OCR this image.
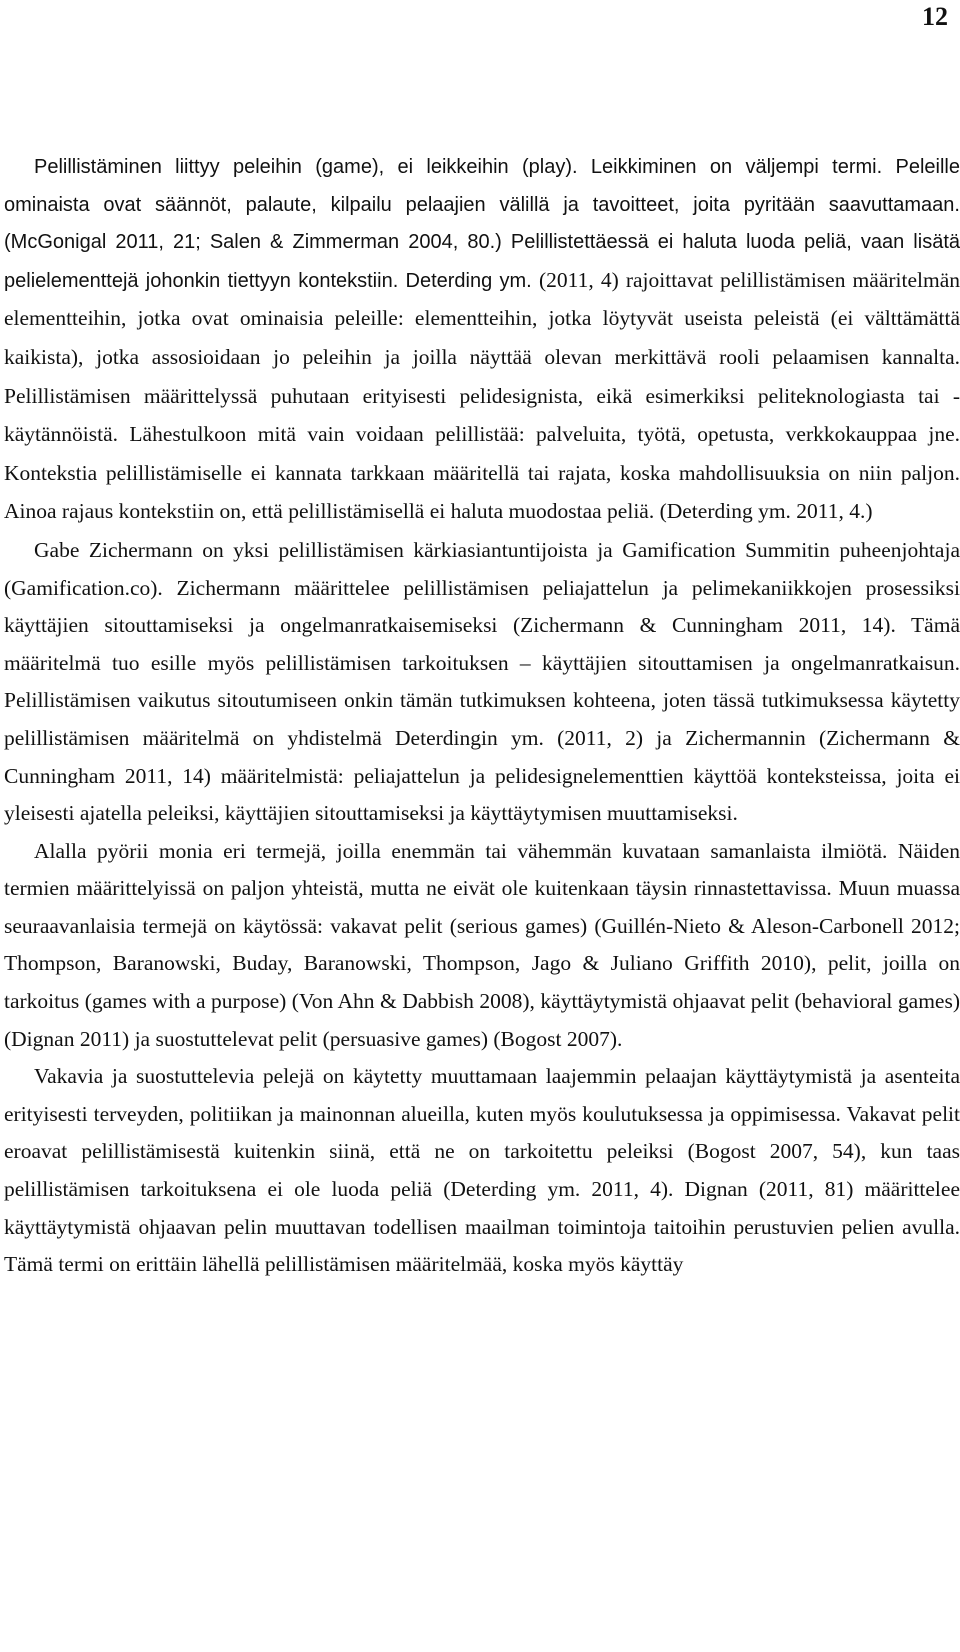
12

Pelillistäminen liittyy peleihin (game), ei leikkeihin (play). Leikkiminen on väljempi termi. Peleille ominaista ovat säännöt, palaute, kilpailu pelaajien välillä ja tavoitteet, joita pyritään saavuttamaan. (McGonigal 2011, 21; Salen & Zimmerman 2004, 80.) Pelillistettäessä ei haluta luoda peliä, vaan lisätä pelielementtejä johonkin tiettyyn kontekstiin. Deterding ym. (2011, 4) rajoittavat pelillistämisen määritelmän elementteihin, jotka ovat ominaisia peleille: elementteihin, jotka löytyvät useista peleistä (ei välttämättä kaikista), jotka assosioidaan jo peleihin ja joilla näyttää olevan merkittävä rooli pelaamisen kannalta. Pelillistämisen määrittelyssä puhutaan erityisesti pelidesignista, eikä esimerkiksi peliteknologiasta tai -käytännöistä. Lähestulkoon mitä vain voidaan pelillistää: palveluita, työtä, opetusta, verkkokauppaa jne. Kontekstia pelillistämiselle ei kannata tarkkaan määritellä tai rajata, koska mahdollisuuksia on niin paljon. Ainoa rajaus kontekstiin on, että pelillistämisellä ei haluta muodostaa peliä. (Deterding ym. 2011, 4.)

Gabe Zichermann on yksi pelillistämisen kärkiasiantuntijoista ja Gamification Summitin puheenjohtaja (Gamification.co). Zichermann määrittelee pelillistämisen peliajattelun ja pelimekaniikkojen prosessiksi käyttäjien sitouttamiseksi ja ongelmanratkaisemiseksi (Zichermann & Cunningham 2011, 14). Tämä määritelmä tuo esille myös pelillistämisen tarkoituksen – käyttäjien sitouttamisen ja ongelmanratkaisun. Pelillistämisen vaikutus sitoutumiseen onkin tämän tutkimuksen kohteena, joten tässä tutkimuksessa käytetty pelillistämisen määritelmä on yhdistelmä Deterdingin ym. (2011, 2) ja Zichermannin (Zichermann & Cunningham 2011, 14) määritelmistä: peliajattelun ja pelidesignelementtien käyttöä konteksteissa, joita ei yleisesti ajatella peleiksi, käyttäjien sitouttamiseksi ja käyttäytymisen muuttamiseksi.

Alalla pyörii monia eri termejä, joilla enemmän tai vähemmän kuvataan samanlaista ilmiötä. Näiden termien määrittelyissä on paljon yhteistä, mutta ne eivät ole kuitenkaan täysin rinnastettavissa. Muun muassa seuraavanlaisia termejä on käytössä: vakavat pelit (serious games) (Guillén-Nieto & Aleson-Carbonell 2012; Thompson, Baranowski, Buday, Baranowski, Thompson, Jago & Juliano Griffith 2010), pelit, joilla on tarkoitus (games with a purpose) (Von Ahn & Dabbish 2008), käyttäytymistä ohjaavat pelit (behavioral games) (Dignan 2011) ja suostuttelevat pelit (persuasive games) (Bogost 2007).

Vakavia ja suostuttelevia pelejä on käytetty muuttamaan laajemmin pelaajan käyttäytymistä ja asenteita erityisesti terveyden, politiikan ja mainonnan alueilla, kuten myös koulutuksessa ja oppimisessa. Vakavat pelit eroavat pelillistämisestä kuitenkin siinä, että ne on tarkoitettu peleiksi (Bogost 2007, 54), kun taas pelillistämisen tarkoituksena ei ole luoda peliä (Deterding ym. 2011, 4). Dignan (2011, 81) määrittelee käyttäytymistä ohjaavan pelin muuttavan todellisen maailman toimintoja taitoihin perustuvien pelien avulla. Tämä termi on erittäin lähellä pelillistämisen määritelmää, koska myös käyttäy
